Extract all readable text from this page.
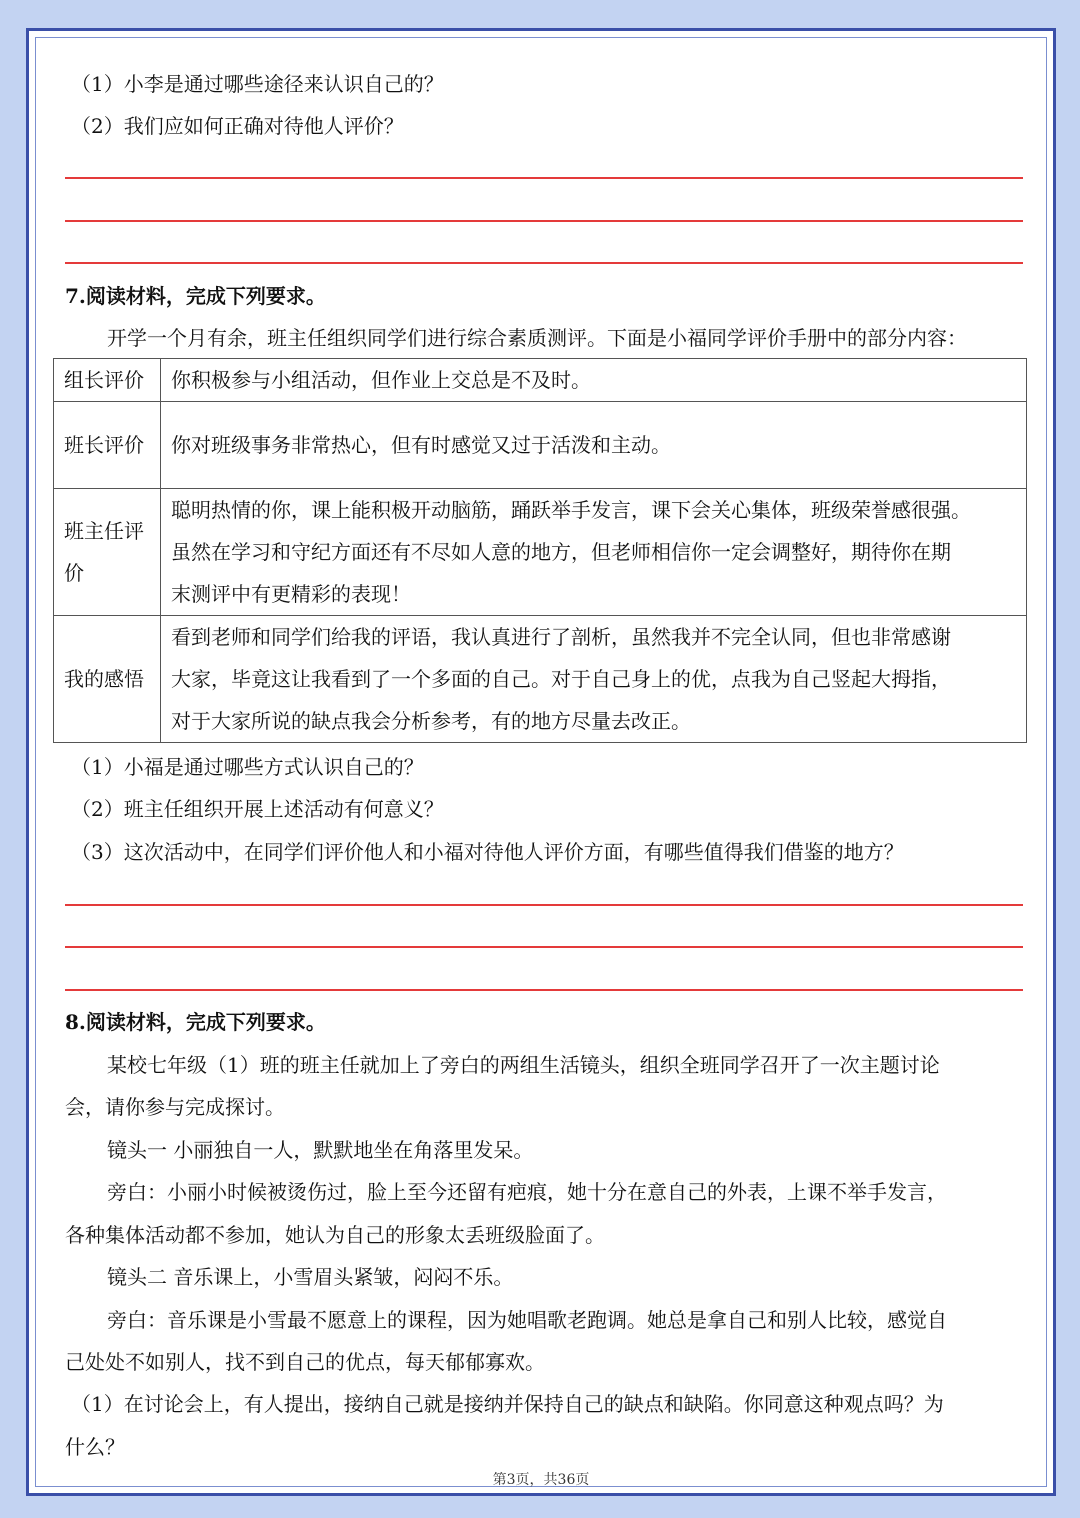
（1）小李是通过哪些途径来认识自己的？
（2）我们应如何正确对待他人评价？
7.阅读材料，完成下列要求。
开学一个月有余，班主任组织同学们进行综合素质测评。下面是小福同学评价手册中的部分内容：
组长评价	你积极参与小组活动，但作业上交总是不及时。

班长评价	你对班级事务非常热心，但有时感觉又过于活泼和主动。

班主任评价	聪明热情的你，课上能积极开动脑筋，踊跃举手发言，课下会关心集体，班级荣誉感很强。
虽然在学习和守纪方面还有不尽如人意的地方，但老师相信你一定会调整好，期待你在期
末测评中有更精彩的表现！

我的感悟	看到老师和同学们给我的评语，我认真进行了剖析，虽然我并不完全认同，但也非常感谢
大家，毕竟这让我看到了一个多面的自己。对于自己身上的优，点我为自己竖起大拇指，
对于大家所说的缺点我会分析参考，有的地方尽量去改正。
（1）小福是通过哪些方式认识自己的？
（2）班主任组织开展上述活动有何意义？
（3）这次活动中，在同学们评价他人和小福对待他人评价方面，有哪些值得我们借鉴的地方？
8.阅读材料，完成下列要求。
某校七年级（1）班的班主任就加上了旁白的两组生活镜头，组织全班同学召开了一次主题讨论
会，请你参与完成探讨。
镜头一 小丽独自一人，默默地坐在角落里发呆。
旁白：小丽小时候被烫伤过，脸上至今还留有疤痕，她十分在意自己的外表，上课不举手发言，
各种集体活动都不参加，她认为自己的形象太丢班级脸面了。
镜头二 音乐课上，小雪眉头紧皱，闷闷不乐。
旁白：音乐课是小雪最不愿意上的课程，因为她唱歌老跑调。她总是拿自己和别人比较，感觉自
己处处不如别人，找不到自己的优点，每天郁郁寡欢。
（1）在讨论会上，有人提出，接纳自己就是接纳并保持自己的缺点和缺陷。你同意这种观点吗？为
什么？
第3页，共36页
